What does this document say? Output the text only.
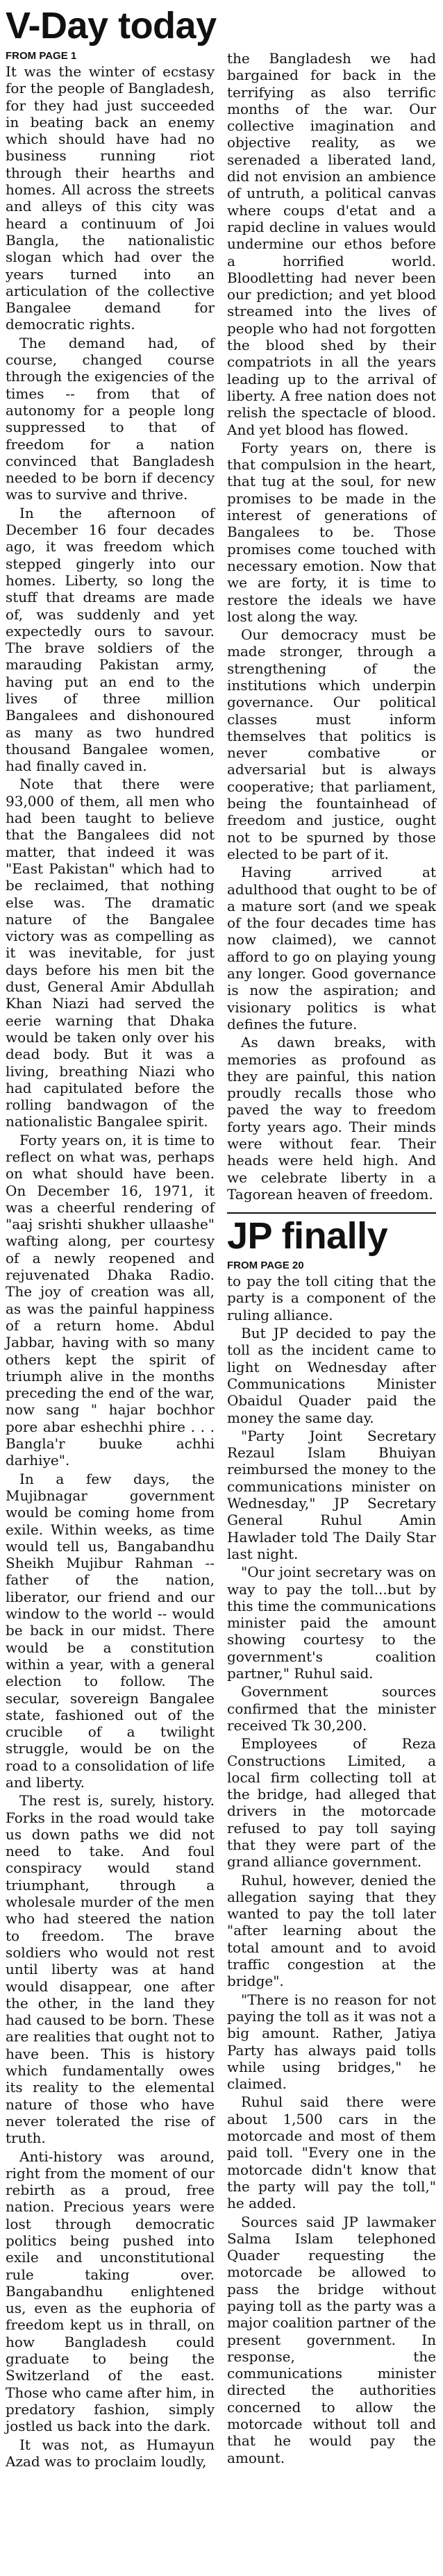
V-Day today
FROM PAGE 1

It was the winter of ecstasy for the people of Bangladesh, for they had just succeeded in beating back an enemy which should have had no business running riot through their hearths and homes. All across the streets and alleys of this city was heard a continuum of Joi Bangla, the nationalistic slogan which had over the years turned into an articulation of the collective Bangalee demand for democratic rights.

The demand had, of course, changed course through the exigencies of the times -- from that of autonomy for a people long suppressed to that of freedom for a nation convinced that Bangladesh needed to be born if decency was to survive and thrive.

In the afternoon of December 16 four decades ago, it was freedom which stepped gingerly into our homes. Liberty, so long the stuff that dreams are made of, was suddenly and yet expectedly ours to savour. The brave soldiers of the marauding Pakistan army, having put an end to the lives of three million Bangalees and dishonoured as many as two hundred thousand Bangalee women, had finally caved in.

Note that there were 93,000 of them, all men who had been taught to believe that the Bangalees did not matter, that indeed it was "East Pakistan" which had to be reclaimed, that nothing else was. The dramatic nature of the Bangalee victory was as compelling as it was inevitable, for just days before his men bit the dust, General Amir Abdullah Khan Niazi had served the eerie warning that Dhaka would be taken only over his dead body. But it was a living, breathing Niazi who had capitulated before the rolling bandwagon of the nationalistic Bangalee spirit.

Forty years on, it is time to reflect on what was, perhaps on what should have been. On December 16, 1971, it was a cheerful rendering of "aaj srishti shukher ullaashe" wafting along, per courtesy of a newly reopened and rejuvenated Dhaka Radio. The joy of creation was all, as was the painful happiness of a return home. Abdul Jabbar, having with so many others kept the spirit of triumph alive in the months preceding the end of the war, now sang " hajar bochhor pore abar eshechhi phire . . . Bangla'r buuke achhi darhiye".

In a few days, the Mujibnagar government would be coming home from exile. Within weeks, as time would tell us, Bangabandhu Sheikh Mujibur Rahman -- father of the nation, liberator, our friend and our window to the world -- would be back in our midst. There would be a constitution within a year, with a general election to follow. The secular, sovereign Bangalee state, fashioned out of the crucible of a twilight struggle, would be on the road to a consolidation of life and liberty.

The rest is, surely, history. Forks in the road would take us down paths we did not need to take. And foul conspiracy would stand triumphant, through a wholesale murder of the men who had steered the nation to freedom. The brave soldiers who would not rest until liberty was at hand would disappear, one after the other, in the land they had caused to be born. These are realities that ought not to have been. This is history which fundamentally owes its reality to the elemental nature of those who have never tolerated the rise of truth.

Anti-history was around, right from the moment of our rebirth as a proud, free nation. Precious years were lost through democratic politics being pushed into exile and unconstitutional rule taking over. Bangabandhu enlightened us, even as the euphoria of freedom kept us in thrall, on how Bangladesh could graduate to being the Switzerland of the east. Those who came after him, in predatory fashion, simply jostled us back into the dark.

It was not, as Humayun Azad was to proclaim loudly,

the Bangladesh we had bargained for back in the terrifying as also terrific months of the war. Our collective imagination and objective reality, as we serenaded a liberated land, did not envision an ambience of untruth, a political canvas where coups d'etat and a rapid decline in values would undermine our ethos before a horrified world. Bloodletting had never been our prediction; and yet blood streamed into the lives of people who had not forgotten the blood shed by their compatriots in all the years leading up to the arrival of liberty. A free nation does not relish the spectacle of blood. And yet blood has flowed.

Forty years on, there is that compulsion in the heart, that tug at the soul, for new promises to be made in the interest of generations of Bangalees to be. Those promises come touched with necessary emotion. Now that we are forty, it is time to restore the ideals we have lost along the way.

Our democracy must be made stronger, through a strengthening of the institutions which underpin governance. Our political classes must inform themselves that politics is never combative or adversarial but is always cooperative; that parliament, being the fountainhead of freedom and justice, ought not to be spurned by those elected to be part of it.

Having arrived at adulthood that ought to be of a mature sort (and we speak of the four decades time has now claimed), we cannot afford to go on playing young any longer. Good governance is now the aspiration; and visionary politics is what defines the future.

As dawn breaks, with memories as profound as they are painful, this nation proudly recalls those who paved the way to freedom forty years ago. Their minds were without fear. Their heads were held high. And we celebrate liberty in a Tagorean heaven of freedom.

JP finally
FROM PAGE 20

to pay the toll citing that the party is a component of the ruling alliance.

But JP decided to pay the toll as the incident came to light on Wednesday after Communications Minister Obaidul Quader paid the money the same day.

"Party Joint Secretary Rezaul Islam Bhuiyan reimbursed the money to the communications minister on Wednesday," JP Secretary General Ruhul Amin Hawlader told The Daily Star last night.

"Our joint secretary was on way to pay the toll...but by this time the communications minister paid the amount showing courtesy to the government's coalition partner," Ruhul said.

Government sources confirmed that the minister received Tk 30,200.

Employees of Reza Constructions Limited, a local firm collecting toll at the bridge, had alleged that drivers in the motorcade refused to pay toll saying that they were part of the grand alliance government.

Ruhul, however, denied the allegation saying that they wanted to pay the toll later "after learning about the total amount and to avoid traffic congestion at the bridge".

"There is no reason for not paying the toll as it was not a big amount. Rather, Jatiya Party has always paid tolls while using bridges," he claimed.

Ruhul said there were about 1,500 cars in the motorcade and most of them paid toll. "Every one in the motorcade didn't know that the party will pay the toll," he added.

Sources said JP lawmaker Salma Islam telephoned Quader requesting the motorcade be allowed to pass the bridge without paying toll as the party was a major coalition partner of the present government. In response, the communications minister directed the authorities concerned to allow the motorcade without toll and that he would pay the amount.
